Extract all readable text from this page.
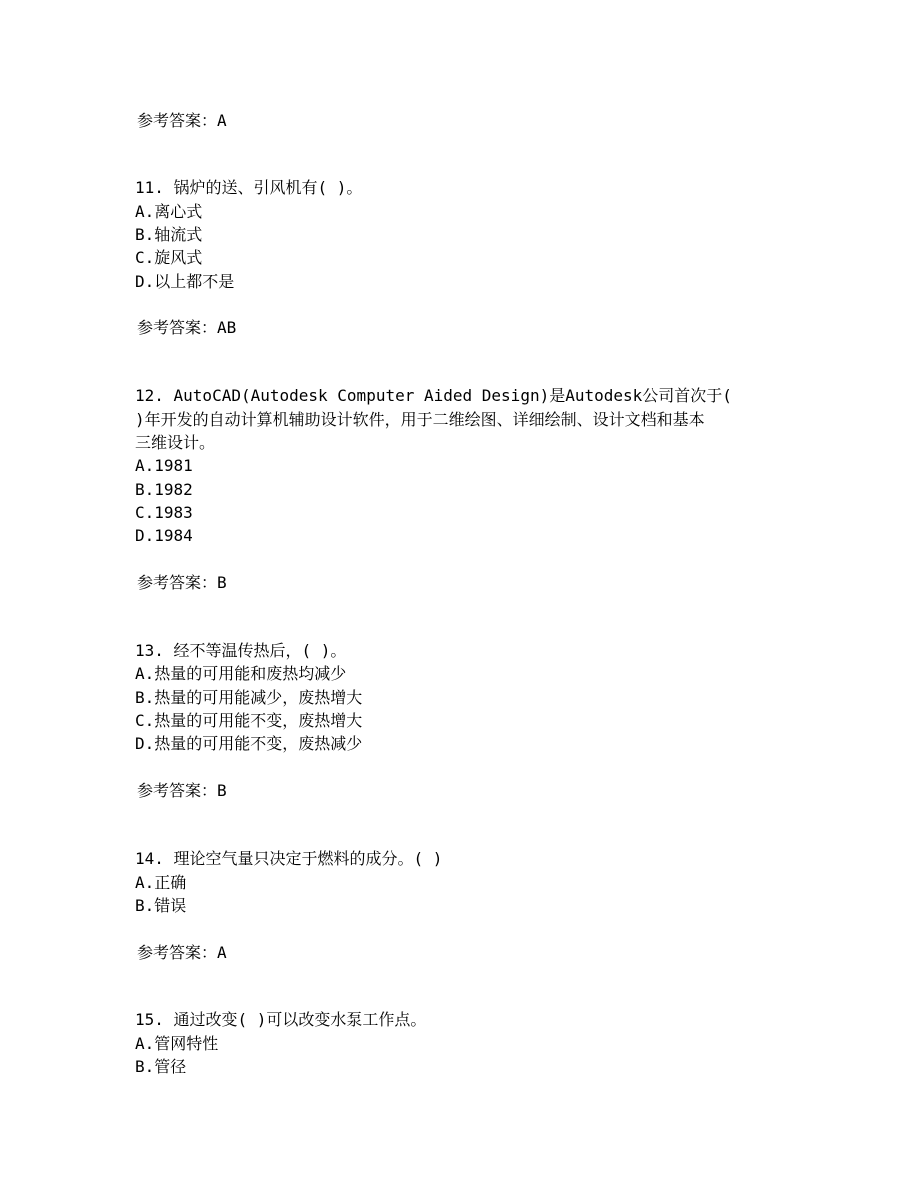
参考答案：A
11. 锅炉的送、引风机有( )。
A.离心式
B.轴流式
C.旋风式
D.以上都不是
参考答案：AB
12. AutoCAD(Autodesk Computer Aided Design)是Autodesk公司首次于(
)年开发的自动计算机辅助设计软件，用于二维绘图、详细绘制、设计文档和基本
三维设计。
A.1981
B.1982
C.1983
D.1984
参考答案：B
13. 经不等温传热后，( )。
A.热量的可用能和废热均减少
B.热量的可用能减少，废热增大
C.热量的可用能不变，废热增大
D.热量的可用能不变，废热减少
参考答案：B
14. 理论空气量只决定于燃料的成分。( )
A.正确
B.错误
参考答案：A
15. 通过改变( )可以改变水泵工作点。
A.管网特性
B.管径
